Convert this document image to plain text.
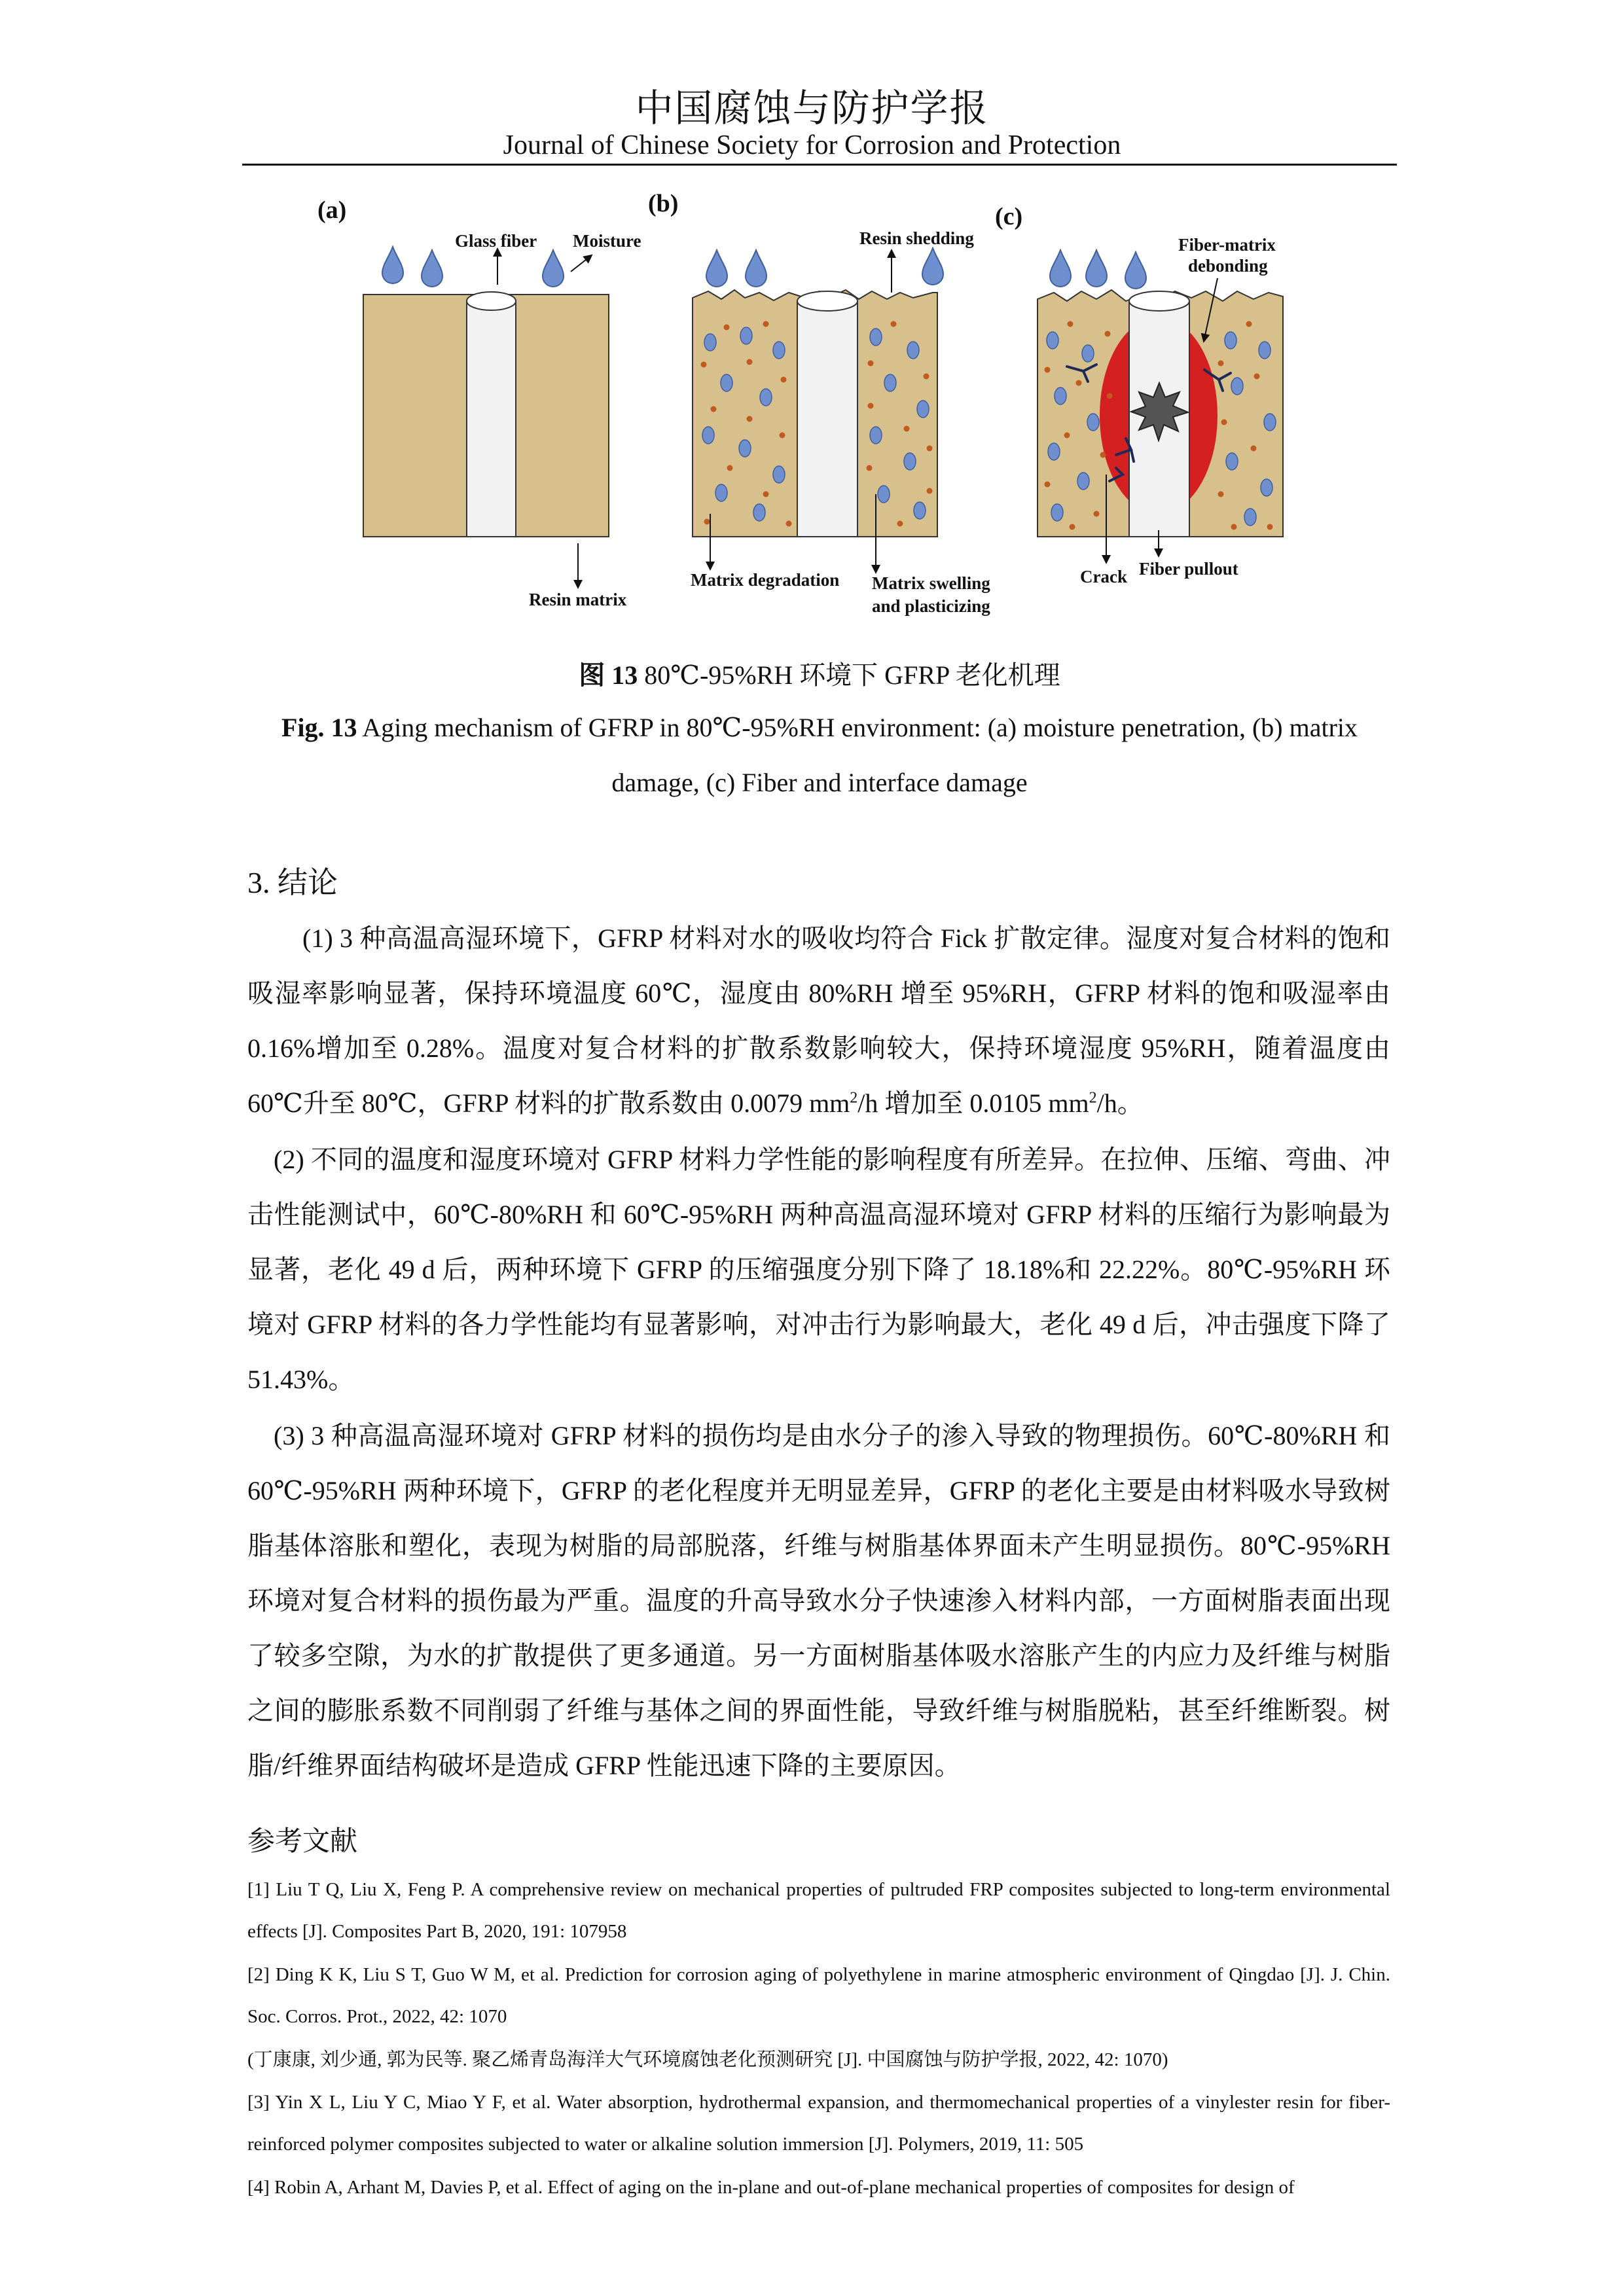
中国腐蚀与防护学报
Journal of Chinese Society for Corrosion and Protection
(a)
Glass fiber Moisture
Resin matrix
(b)
Resin shedding
Matrix degradation Matrix swelling
and plasticizing
(c)
Fiber-matrix
debonding
Crack Fiber pullout
图 13 80℃-95%RH 环境下 GFRP 老化机理
Fig. 13 Aging mechanism of GFRP in 80℃-95%RH environment: (a) moisture penetration, (b) matrix
damage, (c) Fiber and interface damage
3. 结论
(1) 3 种高温高湿环境下，GFRP 材料对水的吸收均符合 Fick 扩散定律。湿度对复合材料的饱和吸湿率影响显著，保持环境温度 60℃，湿度由 80%RH 增至 95%RH，GFRP 材料的饱和吸湿率由 0.16%增加至 0.28%。温度对复合材料的扩散系数影响较大，保持环境湿度 95%RH，随着温度由 60℃升至 80℃，GFRP 材料的扩散系数由 0.0079 $mm^2/h$ 增加至 0.0105 $mm^2/h$。
(2) 不同的温度和湿度环境对 GFRP 材料力学性能的影响程度有所差异。在拉伸、压缩、弯曲、冲击性能测试中，60℃-80%RH 和 60℃-95%RH 两种高温高湿环境对 GFRP 材料的压缩行为影响最为显著，老化 49 d 后，两种环境下 GFRP 的压缩强度分别下降了 18.18%和 22.22%。80℃-95%RH 环境对 GFRP 材料的各力学性能均有显著影响，对冲击行为影响最大，老化 49 d 后，冲击强度下降了 51.43%。
(3) 3 种高温高湿环境对 GFRP 材料的损伤均是由水分子的渗入导致的物理损伤。60℃-80%RH 和 60℃-95%RH 两种环境下，GFRP 的老化程度并无明显差异，GFRP 的老化主要是由材料吸水导致树脂基体溶胀和塑化，表现为树脂的局部脱落，纤维与树脂基体界面未产生明显损伤。80℃-95%RH 环境对复合材料的损伤最为严重。温度的升高导致水分子快速渗入材料内部，一方面树脂表面出现了较多空隙，为水的扩散提供了更多通道。另一方面树脂基体吸水溶胀产生的内应力及纤维与树脂之间的膨胀系数不同削弱了纤维与基体之间的界面性能，导致纤维与树脂脱粘，甚至纤维断裂。树脂/纤维界面结构破坏是造成 GFRP 性能迅速下降的主要原因。
参考文献
[1] Liu T Q, Liu X, Feng P. A comprehensive review on mechanical properties of pultruded FRP composites subjected to long-term environmental effects [J]. Composites Part B, 2020, 191: 107958
[2] Ding K K, Liu S T, Guo W M, et al. Prediction for corrosion aging of polyethylene in marine atmospheric environment of Qingdao [J]. J. Chin. Soc. Corros. Prot., 2022, 42: 1070
(丁康康, 刘少通, 郭为民等. 聚乙烯青岛海洋大气环境腐蚀老化预测研究 [J]. 中国腐蚀与防护学报, 2022, 42: 1070)
[3] Yin X L, Liu Y C, Miao Y F, et al. Water absorption, hydrothermal expansion, and thermomechanical properties of a vinylester resin for fiber-reinforced polymer composites subjected to water or alkaline solution immersion [J]. Polymers, 2019, 11: 505
[4] Robin A, Arhant M, Davies P, et al. Effect of aging on the in-plane and out-of-plane mechanical properties of composites for design of
